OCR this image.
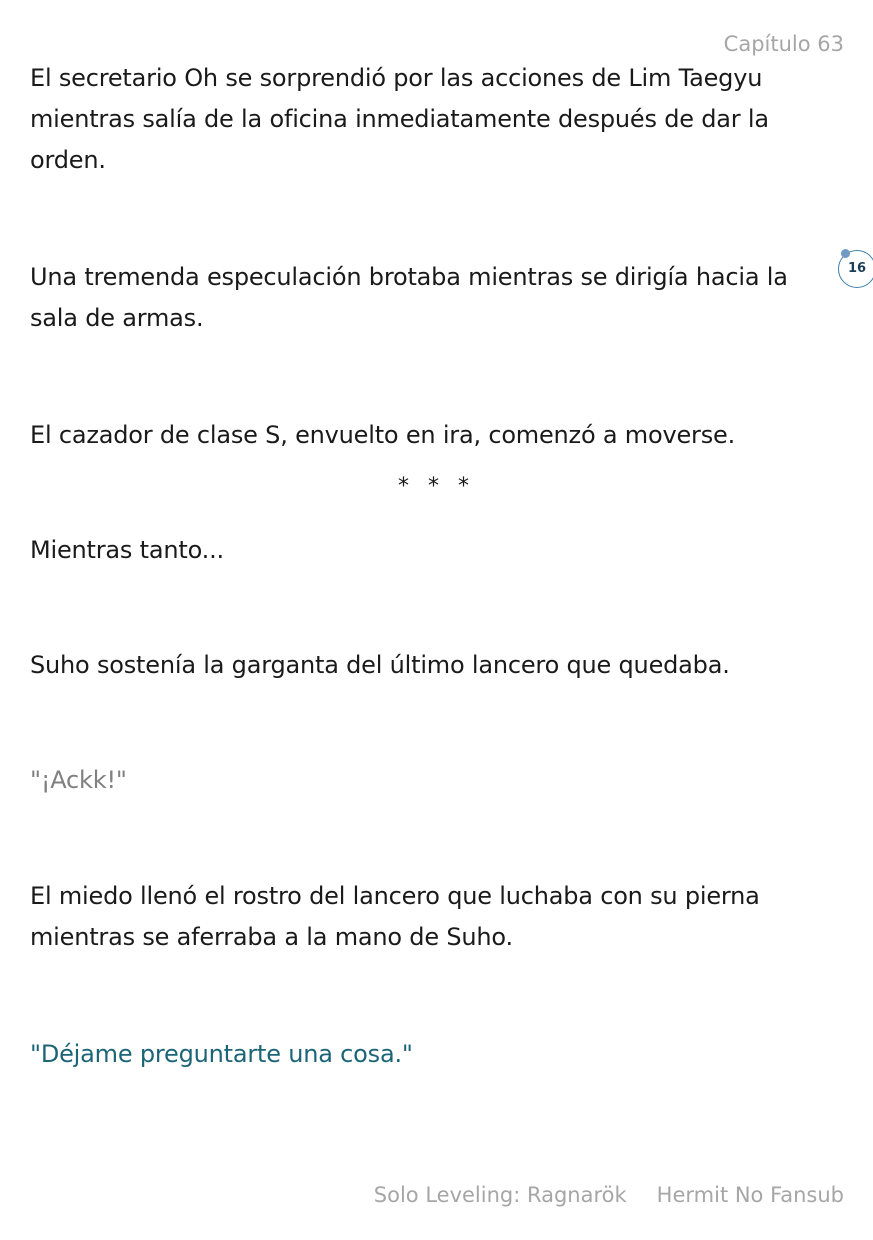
Capítulo 63

El secretario Oh se sorprendió por las acciones de Lim Taegyu mientras salía de la oficina inmediatamente después de dar la orden.

Una tremenda especulación brotaba mientras se dirigía hacia la sala de armas.

16

El cazador de clase S, envuelto en ira, comenzó a moverse.

* * *

Mientras tanto...

Suho sostenía la garganta del último lancero que quedaba.

"¡Ackk!"

El miedo llenó el rostro del lancero que luchaba con su pierna mientras se aferraba a la mano de Suho.

"Déjame preguntarte una cosa."

Solo Leveling: Ragnarök Hermit No Fansub
